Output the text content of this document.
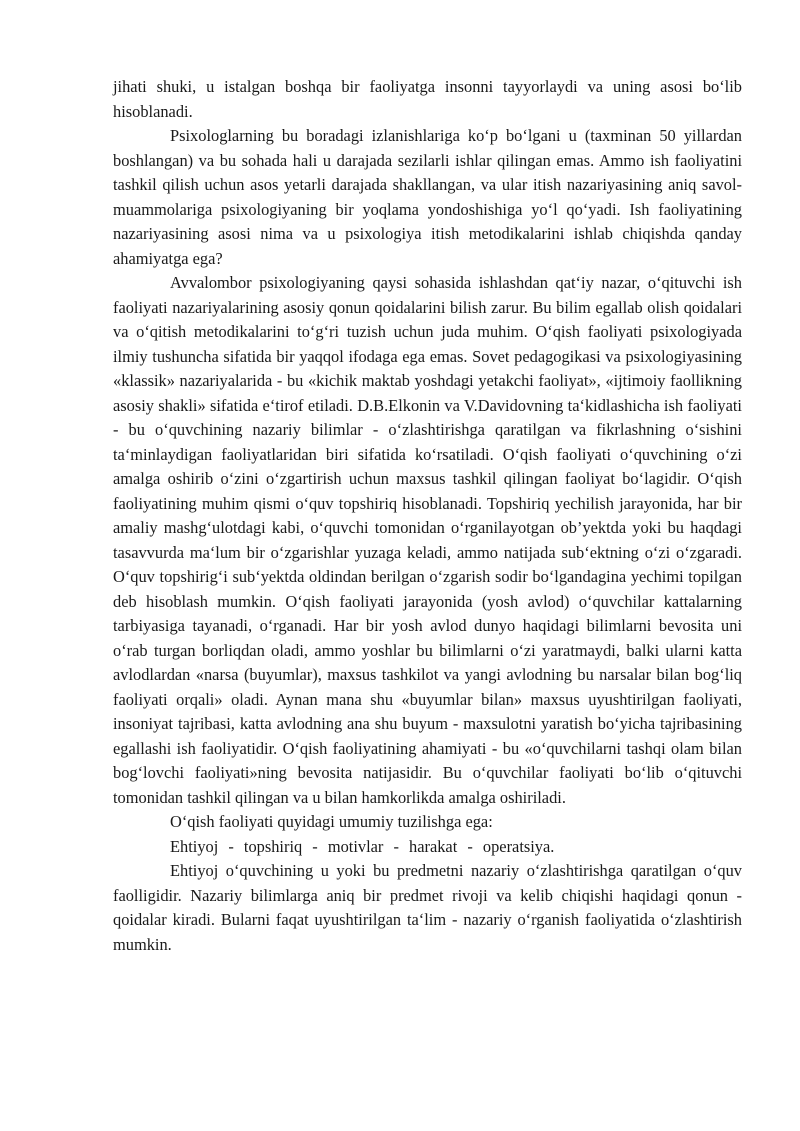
jihati shuki, u istalgan boshqa bir faoliyatga insonni tayyorlaydi va uning asosi bo‘lib hisoblanadi.

Psixologlarning bu boradagi izlanishlariga ko‘p bo‘lgani u (taxminan 50 yillardan boshlangan) va bu sohada hali u darajada sezilarli ishlar qilingan emas. Ammo ish faoliyatini tashkil qilish uchun asos yetarli darajada shakllangan, va ular itish nazariyasining aniq savol-muammolariga psixologiyaning bir yoqlama yondoshishiga yo‘l qo‘yadi. Ish faoliyatining nazariyasining asosi nima va u psixologiya itish metodikalarini ishlab chiqishda qanday ahamiyatga ega?

Avvalombor psixologiyaning qaysi sohasida ishlashdan qat‘iy nazar, o‘qituvchi ish faoliyati nazariyalarining asosiy qonun qoidalarini bilish zarur. Bu bilim egallab olish qoidalari va o‘qitish metodikalarini to‘g‘ri tuzish uchun juda muhim. O‘qish faoliyati psixologiyada ilmiy tushuncha sifatida bir yaqqol ifodaga ega emas. Sovet pedagogikasi va psixologiyasining «klassik» nazariyalarida - bu «kichik maktab yoshdagi yetakchi faoliyat», «ijtimoiy faollikning asosiy shakli» sifatida e‘tirof etiladi. D.B.Elkonin va V.Davidovning ta‘kidlashicha ish faoliyati - bu o‘quvchining nazariy bilimlar - o‘zlashtirishga qaratilgan va fikrlashning o‘sishini ta‘minlaydigan faoliyatlaridan biri sifatida ko‘rsatiladi. O‘qish faoliyati o‘quvchining o‘zi amalga oshirib o‘zini o‘zgartirish uchun maxsus tashkil qilingan faoliyat bo‘lagidir. O‘qish faoliyatining muhim qismi o‘quv topshiriq hisoblanadi. Topshiriq yechilish jarayonida, har bir amaliy mashg‘ulotdagi kabi, o‘quvchi tomonidan o‘rganilayotgan ob’yektda yoki bu haqdagi tasavvurda ma‘lum bir o‘zgarishlar yuzaga keladi, ammo natijada sub‘ektning o‘zi o‘zgaradi. O‘quv topshirig‘i sub‘yektda oldindan berilgan o‘zgarish sodir bo‘lgandagina yechimi topilgan deb hisoblash mumkin. O‘qish faoliyati jarayonida (yosh avlod) o‘quvchilar kattalarning tarbiyasiga tayanadi, o‘rganadi. Har bir yosh avlod dunyo haqidagi bilimlarni bevosita uni o‘rab turgan borliqdan oladi, ammo yoshlar bu bilimlarni o‘zi yaratmaydi, balki ularni katta avlodlardan «narsa (buyumlar), maxsus tashkilot va yangi avlodning bu narsalar bilan bog‘liq faoliyati orqali» oladi. Aynan mana shu «buyumlar bilan» maxsus uyushtirilgan faoliyati, insoniyat tajribasi, katta avlodning ana shu buyum - maxsulotni yaratish bo‘yicha tajribasining egallashi ish faoliyatidir. O‘qish faoliyatining ahamiyati - bu «o‘quvchilarni tashqi olam bilan bog‘lovchi faoliyati»ning bevosita natijasidir. Bu o‘quvchilar faoliyati bo‘lib o‘qituvchi tomonidan tashkil qilingan va u bilan hamkorlikda amalga oshiriladi.

O‘qish faoliyati quyidagi umumiy tuzilishga ega:

Ehtiyoj - topshiriq - motivlar - harakat - operatsiya.

Ehtiyoj o‘quvchining u yoki bu predmetni nazariy o‘zlashtirishga qaratilgan o‘quv faolligidir. Nazariy bilimlarga aniq bir predmet rivoji va kelib chiqishi haqidagi qonun - qoidalar kiradi. Bularni faqat uyushtirilgan ta‘lim - nazariy o‘rganish faoliyatida o‘zlashtirish mumkin.
